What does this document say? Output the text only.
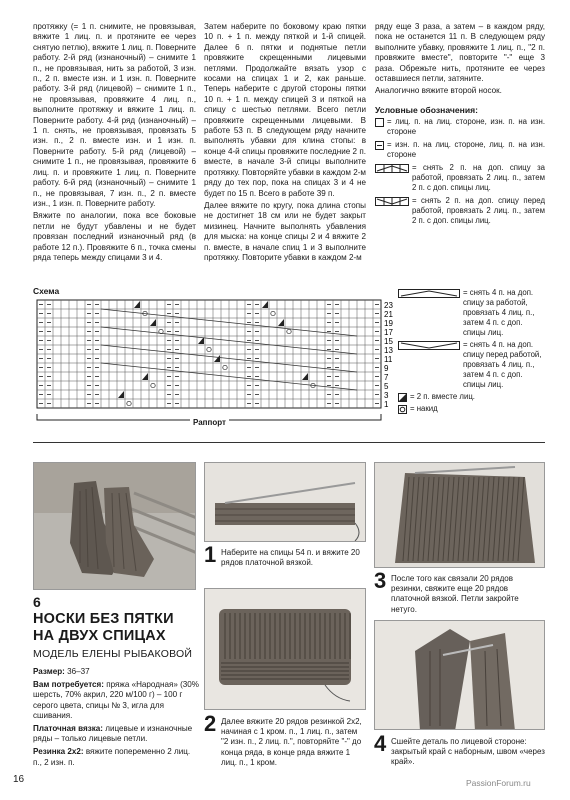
протяжку (= 1 п. снимите, не провязывая, вяжите 1 лиц. п. и протяните ее через снятую петлю), вяжите 1 лиц. п. Поверните работу. 2-й ряд (изнаночный) – снимите 1 п., не провязывая, нить за работой, 3 изн. п., 2 п. вместе изн. и 1 изн. п. Поверните работу. 3-й ряд (лицевой) – снимите 1 п., не провязывая, провяжите 4 лиц. п., выполните протяжку и вяжите 1 лиц. п. Поверните работу. 4-й ряд (изнаночный) – 1 п. снять, не провязывая, провязать 5 изн. п., 2 п. вместе изн. и 1 изн. п. Поверните работу. 5-й ряд (лицевой) – снимите 1 п., не провязывая, провяжите 6 лиц. п. и провяжите 1 лиц. п. Поверните работу. 6-й ряд (изнаночный) – снимите 1 п., не провязывая, 7 изн. п., 2 п. вместе изн., 1 изн. п. Поверните работу.

Вяжите по аналогии, пока все боковые петли не будут убавлены и не будет провязан последний изнаночный ряд (в работе 12 п.). Провяжите 6 п., точка смены ряда теперь между спицами 3 и 4.

Затем наберите по боковому краю пятки 10 п. + 1 п. между пяткой и 1-й спицей. Далее 6 п. пятки и поднятые петли провяжите скрещенными лицевыми петлями. Продолжайте вязать узор с косами на спицах 1 и 2, как раньше. Теперь наберите с другой стороны пятки 10 п. + 1 п. между спицей 3 и пяткой на спицу с шестью петлями. Всего петли провяжите скрещенными лицевыми. В работе 53 п. В следующем ряду начните выполнять убавки для клина стопы: в конце 4-й спицы провяжите последние 2 п. вместе, в начале 3-й спицы выполните протяжку. Повторяйте убавки в каждом 2-м ряду до тех пор, пока на спицах 3 и 4 не будет по 15 п. Всего в работе 39 п.

Далее вяжите по кругу, пока длина стопы не достигнет 18 см или не будет закрыт мизинец. Начните выполнять убавления для мыска: на конце спицы 2 и 4 вяжите 2 п. вместе, в начале спиц 1 и 3 выполните протяжку. Повторите убавки в каждом 2-м

ряду еще 3 раза, а затем – в каждом ряду, пока не останется 11 п. В следующем ряду выполните убавку, провяжите 1 лиц. п., "2 п. провяжите вместе", повторите "-" еще 3 раза. Обрежьте нить, протяните ее через оставшиеся петли, затяните.

Аналогично вяжите второй носок.

Условные обозначения:
= лиц. п. на лиц. стороне, изн. п. на изн. стороне
= изн. п. на лиц. стороне, лиц. п. на изн. стороне
= снять 2 п. на доп. спицу за работой, провязать 2 лиц. п., затем 2 п. с доп. спицы лиц.
= снять 2 п. на доп. спицу перед работой, провязать 2 лиц. п., затем 2 п. с доп. спицы лиц.
Схема
23
21
19
17
15
13
11
9
7
5
3
1
Раппорт
= снять 4 п. на доп. спицу за работой, провязать 4 лиц. п., затем 4 п. с доп. спицы лиц.
= снять 4 п. на доп. спицу перед работой, провязать 4 лиц. п., затем 4 п. с доп. спицы лиц.
= 2 п. вместе лиц.
= накид
6
НОСКИ БЕЗ ПЯТКИ
НА ДВУХ СПИЦАХ
МОДЕЛЬ ЕЛЕНЫ РЫБАКОВОЙ

Размер: 36–37

Вам потребуется: пряжа «Народная» (30% шерсть, 70% акрил, 220 м/100 г) – 100 г серого цвета, спицы № 3, игла для сшивания.

Платочная вязка: лицевые и изнаночные ряды – только лицевые петли.

Резинка 2х2: вяжите попеременно 2 лиц. п., 2 изн. п.

1 Наберите на спицы 54 п. и вяжите 20 рядов платочной вязкой.
2 Далее вяжите 20 рядов резинкой 2х2, начиная с 1 кром. п., 1 лиц. п., затем "2 изн. п., 2 лиц. п.", повторяйте "-" до конца ряда, в конце ряда вяжите 1 лиц. п., 1 кром.
3 После того как связали 20 рядов резинки, свяжите еще 20 рядов платочной вязкой. Петли закройте нетугo.
4 Сшейте деталь по лицевой стороне: закрытый край с наборным, швом «через край».
16	PassionForum.ru
